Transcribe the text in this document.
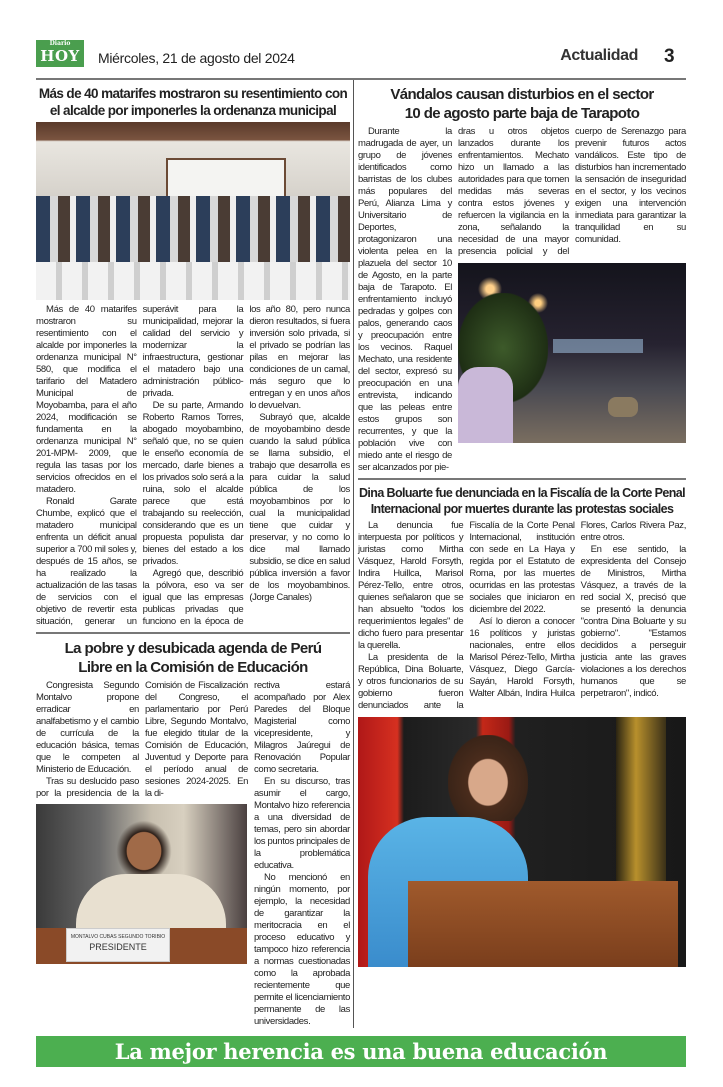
Diario
HOY	Miércoles, 21 de agosto del 2024	Actualidad 3
Más de 40 matarifes mostraron su resentimiento con el alcalde por imponerles la ordenanza municipal

Más de 40 matarifes mostraron su resentimiento con el alcalde por imponerles la ordenanza municipal N° 580, que modifica el tarifario del Matadero Municipal de Moyobamba, para el año 2024, modificación se fundamenta en la ordenanza municipal N° 201-MPM- 2009, que regula las tasas por los servicios ofrecidos en el matadero.

Ronald Garate Chumbe, explicó que el matadero municipal enfrenta un déficit anual superior a 700 mil soles y, después de 15 años, se ha realizado la actualización de las tasas de servicios con el objetivo de revertir esta situación, generar un superávit para la municipalidad, mejorar la calidad del servicio y modernizar la infraestructura, gestionar el matadero bajo una administración público-privada.

De su parte, Armando Roberto Ramos Torres, abogado moyobambino, señaló que, no se quien le enseño economía de mercado, darle bienes a los privados solo será a la ruina, solo el alcalde parece que está trabajando su reelección, considerando que es un propuesta populista dar bienes del estado a los privados.

Agregó que, describió la pólvora, eso va ser igual que las empresas publicas privadas que funciono en la época de los año 80, pero nunca dieron resultados, si fuera inversión solo privada, si el privado se podrían las pilas en mejorar las condiciones de un camal, más seguro que lo entregan y en unos años lo devuelvan.

Subrayó que, alcalde de moyobambino desde cuando la salud pública se llama subsidio, el trabajo que desarrolla es para cuidar la salud pública de los moyobambinos por lo cual la municipalidad tiene que cuidar y preservar, y no como lo dice mal llamado subsidio, se dice en salud pública inversión a favor de los moyobambinos. (Jorge Canales)

La pobre y desubicada agenda de Perú Libre en la Comisión de Educación

Congresista Segundo Montalvo propone erradicar en analfabetismo y el cambio de currícula de la educación básica, temas que le competen al Ministerio de Educación.

Tras su deslucido paso por la presidencia de la Comisión de Fiscalización del Congreso, el parlamentario por Perú Libre, Segundo Montalvo, fue elegido titular de la Comisión de Educación, Juventud y Deporte para el período anual de sesiones 2024-2025. En la di-

MONTALVO CUBAS SEGUNDO TORIBIO
PRESIDENTE

rectiva estará acompañado por Alex Paredes del Bloque Magisterial como vicepresidente, y Milagros Jaúregui de Renovación Popular como secretaria.

En su discurso, tras asumir el cargo, Montalvo hizo referencia a una diversidad de temas, pero sin abordar los puntos principales de la problemática educativa.

No mencionó en ningún momento, por ejemplo, la necesidad de garantizar la meritocracia en el proceso educativo y tampoco hizo referencia a normas cuestionadas como la aprobada recientemente que permite el licenciamiento permanente de las universidades.

Vándalos causan disturbios en el sector 10 de agosto parte baja de Tarapoto

Durante la madrugada de ayer, un grupo de jóvenes identificados como barristas de los clubes más populares del Perú, Alianza Lima y Universitario de Deportes, protagonizaron una violenta pelea en la plazuela del sector 10 de Agosto, en la parte baja de Tarapoto. El enfrentamiento incluyó pedradas y golpes con palos, generando caos y preocupación entre los vecinos. Raquel Mechato, una residente del sector, expresó su preocupación en una entrevista, indicando que las peleas entre estos grupos son recurrentes, y que la población vive con miedo ante el riesgo de ser alcanzados por pie-

dras u otros objetos lanzados durante los enfrentamientos. Mechato hizo un llamado a las autoridades para que tomen medidas más severas contra estos jóvenes y refuercen la vigilancia en la zona, señalando la necesidad de una mayor presencia policial y del cuerpo de Serenazgo para prevenir futuros actos vandálicos. Este tipo de disturbios han incrementado la sensación de inseguridad en el sector, y los vecinos exigen una intervención inmediata para garantizar la tranquilidad en su comunidad.

Dina Boluarte fue denunciada en la Fiscalía de la Corte Penal Internacional por muertes durante las protestas sociales

La denuncia fue interpuesta por políticos y juristas como Mirtha Vásquez, Harold Forsyth, Indira Huillca, Marisol Pérez-Tello, entre otros, quienes señalaron que se han absuelto "todos los requerimientos legales" de dicho fuero para presentar la querella.

La presidenta de la República, Dina Boluarte, y otros funcionarios de su gobierno fueron denunciados ante la Fiscalía de la Corte Penal Internacional, institución con sede en La Haya y regida por el Estatuto de Roma, por las muertes ocurridas en las protestas sociales que iniciaron en diciembre del 2022.

Así lo dieron a conocer 16 políticos y juristas nacionales, entre ellos Marisol Pérez-Tello, Mirtha Vásquez, Diego García- Sayán, Harold Forsyth, Walter Albán, Indira Huilca Flores, Carlos Rivera Paz, entre otros.

En ese sentido, la expresidenta del Consejo de Ministros, Mirtha Vásquez, a través de la red social X, precisó que se presentó la denuncia "contra Dina Boluarte y su gobierno". "Estamos decididos a perseguir justicia ante las graves violaciones a los derechos humanos que se perpetraron", indicó.

La mejor herencia es una buena educación
